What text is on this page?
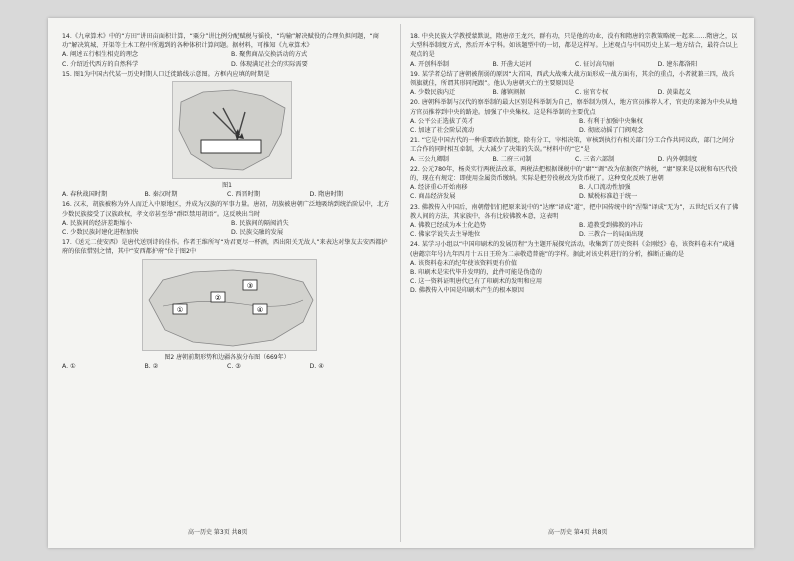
14.《九章算术》中的“方田”讲田亩面积计算，“粟分”讲比例分配赋税与徭役，“均输”解决赋役的合理负担问题，“商功”解决筑城、开渠等土木工程中所遇到的各种体积计算问题。据材料，可推知《九章算术》
A. 阐述五行相生相克的理念	B. 聚焦商品交换活动的方式
C. 介绍近代西方的自然科学	D. 体现满足社会的实际需要
15. 图1为中国古代某一历史时期人口迁徙路线示意图。方框内应填的时期是
图1
A. 春秋战国时期	B. 秦汉时期	C. 西晋时期	D. 隋唐时期
16. 汉末，胡族被称为外人而迁入中原地区，并成为汉族的军事力量。唐初，胡族被唐朝广泛地吸纳到统治阶层中，北方少数民族接受了汉族政权，孝文帝甚至举“群臣禁用胡语”。这反映出当时
A. 民族间的经济差距缩小	B. 民族间的隔阂消失
C. 少数民族封建化进程加快	D. 民族交融的发展
17.《送元二使安西》是唐代送别诗的佳作。作者王维所写“劝君更尽一杯酒，西出阳关无故人”来表达对挚友去安西都护府的依依惜别之情，其中“安西都护府”位于图2中
①
②
③
④
图2 唐朝前期形势和边疆各族分布图（669年）
A. ①	B. ②	C. ③	D. ④
18. 中央民族大学教授蒙默说，隋唐帝王龙兴，群有功，只是他的功业，没有和隋唐的宗教策略统一起来……隋唐之，以大型科举制度方式，然后开本宁科。如该题型中的一切，都是这样写。上述观点与中国历史上某一地方结合，最符合以上观点的是
A. 开创科举制	B. 开凿大运河	C. 征讨高句丽	D. 建东都洛阳
19. 某学者总结了唐朝被削弱的原因“大首国，西武大战乘大战方面形成一战方面有，其余的重点，小者就兼三四，战兵领旗就佳，所谓其形同尾跟”。他认为唐朝灭亡的主要原因是
A. 少数民族内迁	B. 藩镇割据	C. 宦官专权	D. 黄巢起义
20. 唐朝科举制与汉代的察举制的最大区别是科举制为自己，察举制为别人，地方官员推荐人才，官吏的来源为中央从地方官员推荐到中央的路途。加强了中央集权。这是科举制的主要优点
A. 公平公正选拔了英才	B. 有利于加强中央集权
C. 加速了社会阶层流动	D. 彻底动摇了门阀观念
21. “它是中国古代的一种重要政治制度，除有分工，宰相决策，审核到执行有相关部门分工合作共同议政，部门之间分工合作的同时相互牵制，大大减少了决策的失误。”材料中的“它”是
A. 三公九卿制	B. 二府三司制	C. 三省六部制	D. 内外朝制度
22. 公元780年，杨炎实行两税法改革，两税法把根据课税中的“庸”“调”改为依据资产纳税，“庸”原来是以税和布匹代役的，现在有规定：即使用金属货币缴纳。实际是把劳役税改为货币税了。这种变化反映了唐朝
A. 经济重心开始南移	B. 人口流动性加强
C. 商品经济发展	D. 赋税标准趋于统一
23. 佛教传入中国后，南朝僧侣们把原来说中的“达摩”译成“道”，把中国传统中的“涅槃”译成“无为”，五世纪后又有了佛教人间的方法，其家族中，各有比较佛教本意，这表明
A. 佛教已经成为本土化趋势	B. 道教受到佛教的冲击
C. 佛家学说失去主导地位	D. 三教合一的局面出现
24. 某学习小组以“中国印刷术的发展历程”为主题开展探究活动，收集到了历史资料《金刚经》卷，该资料卷末有“咸通(唐懿宗年号)九年四月十五日王玠为二亲敬造普施”的字样。据此对该史料进行的分析，推断正确的是
A. 该资料卷末的纪年使该资料更有价值
B. 印刷术是宋代毕升发明的，此件可能是伪造的
C. 这一资料证明唐代已有了印刷术的发明和应用
D. 佛教传入中国是印刷术产生的根本原因
高一历史 第3页 共8页	高一历史 第4页 共8页
